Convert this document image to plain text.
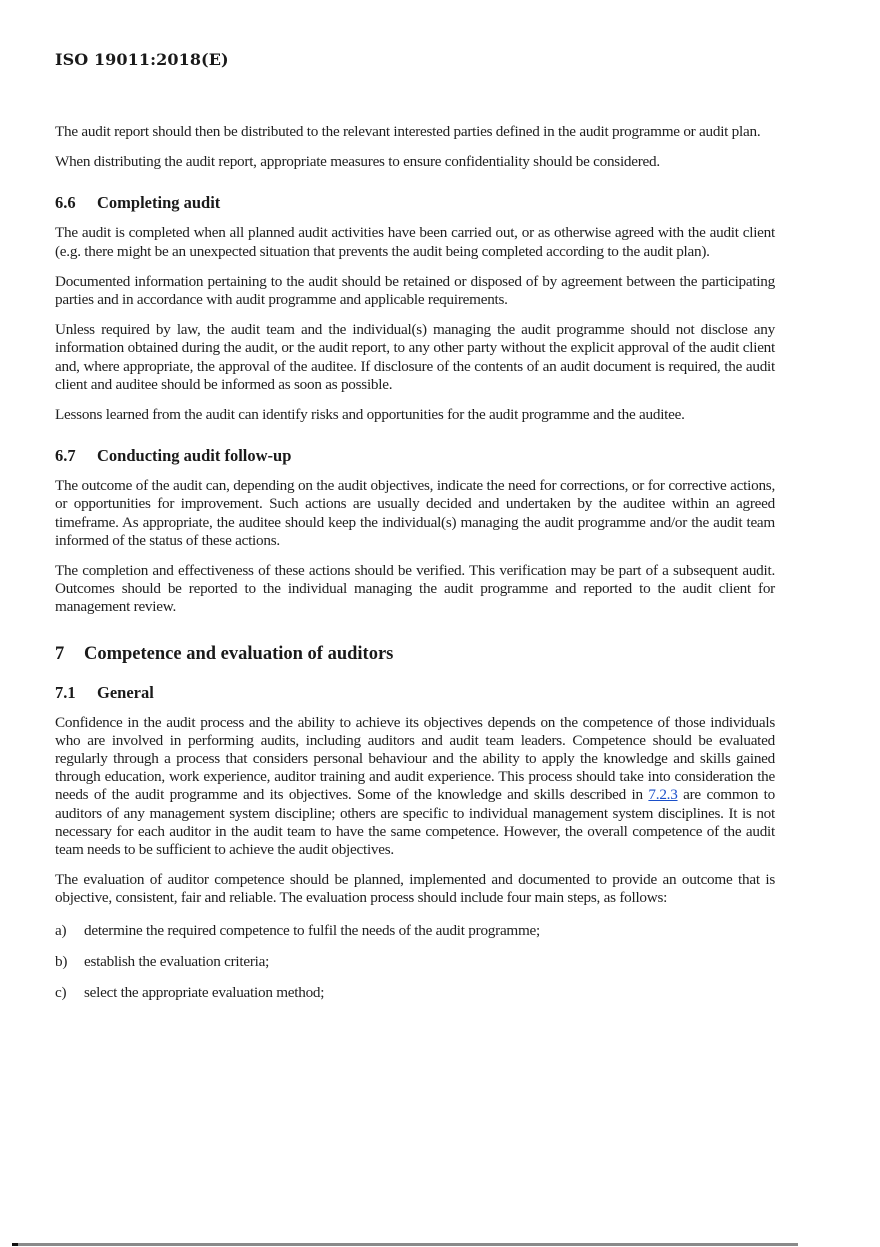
ISO 19011:2018(E)

The audit report should then be distributed to the relevant interested parties defined in the audit programme or audit plan.

When distributing the audit report, appropriate measures to ensure confidentiality should be considered.

6.6 Completing audit

The audit is completed when all planned audit activities have been carried out, or as otherwise agreed with the audit client (e.g. there might be an unexpected situation that prevents the audit being completed according to the audit plan).

Documented information pertaining to the audit should be retained or disposed of by agreement between the participating parties and in accordance with audit programme and applicable requirements.

Unless required by law, the audit team and the individual(s) managing the audit programme should not disclose any information obtained during the audit, or the audit report, to any other party without the explicit approval of the audit client and, where appropriate, the approval of the auditee. If disclosure of the contents of an audit document is required, the audit client and auditee should be informed as soon as possible.

Lessons learned from the audit can identify risks and opportunities for the audit programme and the auditee.

6.7 Conducting audit follow-up

The outcome of the audit can, depending on the audit objectives, indicate the need for corrections, or for corrective actions, or opportunities for improvement. Such actions are usually decided and undertaken by the auditee within an agreed timeframe. As appropriate, the auditee should keep the individual(s) managing the audit programme and/or the audit team informed of the status of these actions.

The completion and effectiveness of these actions should be verified. This verification may be part of a subsequent audit. Outcomes should be reported to the individual managing the audit programme and reported to the audit client for management review.

7 Competence and evaluation of auditors
7.1 General

Confidence in the audit process and the ability to achieve its objectives depends on the competence of those individuals who are involved in performing audits, including auditors and audit team leaders. Competence should be evaluated regularly through a process that considers personal behaviour and the ability to apply the knowledge and skills gained through education, work experience, auditor training and audit experience. This process should take into consideration the needs of the audit programme and its objectives. Some of the knowledge and skills described in 7.2.3 are common to auditors of any management system discipline; others are specific to individual management system disciplines. It is not necessary for each auditor in the audit team to have the same competence. However, the overall competence of the audit team needs to be sufficient to achieve the audit objectives.

The evaluation of auditor competence should be planned, implemented and documented to provide an outcome that is objective, consistent, fair and reliable. The evaluation process should include four main steps, as follows:

a)	determine the required competence to fulfil the needs of the audit programme;
b)	establish the evaluation criteria;
c)	select the appropriate evaluation method;
